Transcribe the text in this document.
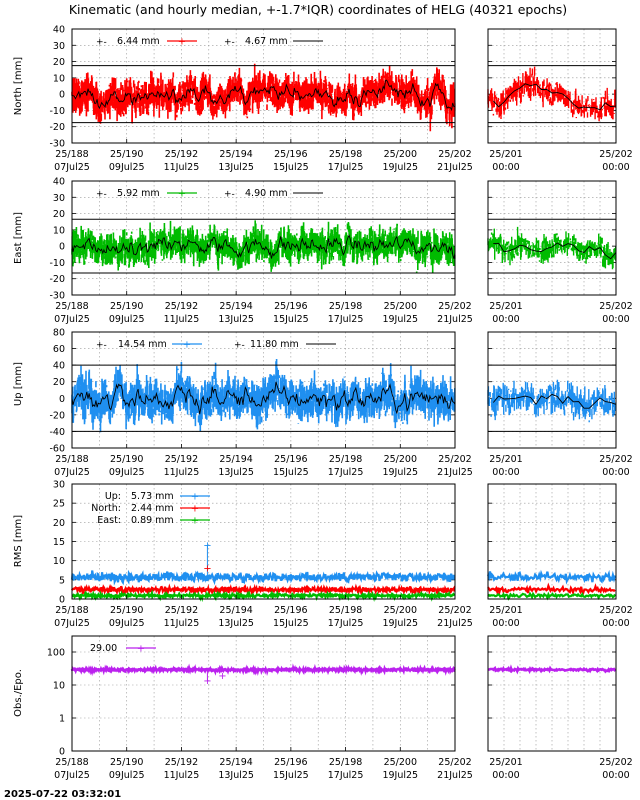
Kinematic (and hourly median, +-1.7*IQR) coordinates of HELG (40321 epochs)
North [mm]
-30
-20
-10
0
10
20
30
40
25/188
07Jul25
25/190
09Jul25
25/192
11Jul25
25/194
13Jul25
25/196
15Jul25
25/198
17Jul25
25/200
19Jul25
25/202
21Jul25
25/201
00:00
25/202
00:00
+- 6.44 mm +	+- 4.67 mm
East [mm]
-30
-20
-10
0
10
20
30
40
25/188
07Jul25
25/190
09Jul25
25/192
11Jul25
25/194
13Jul25
25/196
15Jul25
25/198
17Jul25
25/200
19Jul25
25/202
21Jul25
25/201
00:00
25/202
00:00
+- 5.92 mm +	+- 4.90 mm
Up [mm]
-60
-40
-20
0
20
40
60
80
25/188
07Jul25
25/190
09Jul25
25/192
11Jul25
25/194
13Jul25
25/196
15Jul25
25/198
17Jul25
25/200
19Jul25
25/202
21Jul25
25/201
00:00
25/202
00:00
+- 14.54 mm +	+- 11.80 mm
RMS [mm]
0
5
10
15
20
25
30
+
+
25/188
07Jul25
25/190
09Jul25
25/192
11Jul25
25/194
13Jul25
25/196
15Jul25
25/198
17Jul25
25/200
19Jul25
25/202
21Jul25
25/201
00:00
25/202
00:00
Up: 5.73 mm +
North: 2.44 mm +
East: 0.89 mm +
Obs./Epo.
0
1
10
100
+ +
25/188
07Jul25
25/190
09Jul25
25/192
11Jul25
25/194
13Jul25
25/196
15Jul25
25/198
17Jul25
25/200
19Jul25
25/202
21Jul25
25/201
00:00
25/202
00:00
29.00 +
2025-07-22 03:32:01
